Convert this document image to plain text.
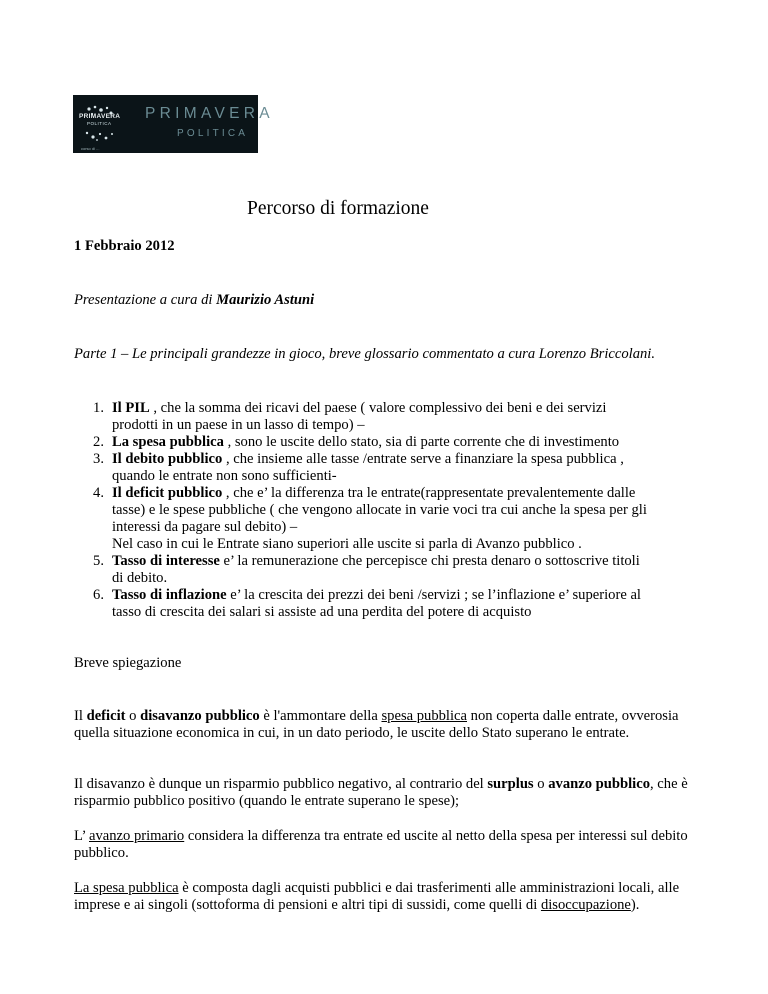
PRIMAVERA
POLITICA
corso di ...
PRIMAVERA
POLITICA
Percorso di formazione
1 Febbraio 2012
Presentazione a cura di Maurizio Astuni
Parte 1 – Le principali grandezze in gioco, breve glossario commentato a cura Lorenzo Briccolani.
1. Il PIL , che la somma dei ricavi del paese ( valore complessivo dei beni e dei servizi
prodotti in un paese in un lasso di tempo) –
2. La spesa pubblica , sono le uscite dello stato, sia di parte corrente che di investimento
3. Il debito pubblico , che insieme alle tasse /entrate serve a finanziare la spesa pubblica ,
quando le entrate non sono sufficienti-
4. Il deficit pubblico , che e’ la differenza tra le entrate(rappresentate prevalentemente dalle
tasse) e le spese pubbliche ( che vengono allocate in varie voci tra cui anche la spesa per gli
interessi da pagare sul debito) –
Nel caso in cui le Entrate siano superiori alle uscite si parla di Avanzo pubblico .
5. Tasso di interesse e’ la remunerazione che percepisce chi presta denaro o sottoscrive titoli
di debito.
6. Tasso di inflazione e’ la crescita dei prezzi dei beni /servizi ; se l’inflazione e’ superiore al
tasso di crescita dei salari si assiste ad una perdita del potere di acquisto
Breve spiegazione
Il deficit o disavanzo pubblico è l'ammontare della spesa pubblica non coperta dalle entrate, ovverosia quella situazione economica in cui, in un dato periodo, le uscite dello Stato superano le entrate.
Il disavanzo è dunque un risparmio pubblico negativo, al contrario del surplus o avanzo pubblico, che è risparmio pubblico positivo (quando le entrate superano le spese);
L’ avanzo primario considera la differenza tra entrate ed uscite al netto della spesa per interessi sul debito pubblico.
La spesa pubblica è composta dagli acquisti pubblici e dai trasferimenti alle amministrazioni locali, alle imprese e ai singoli (sottoforma di pensioni e altri tipi di sussidi, come quelli di disoccupazione).
